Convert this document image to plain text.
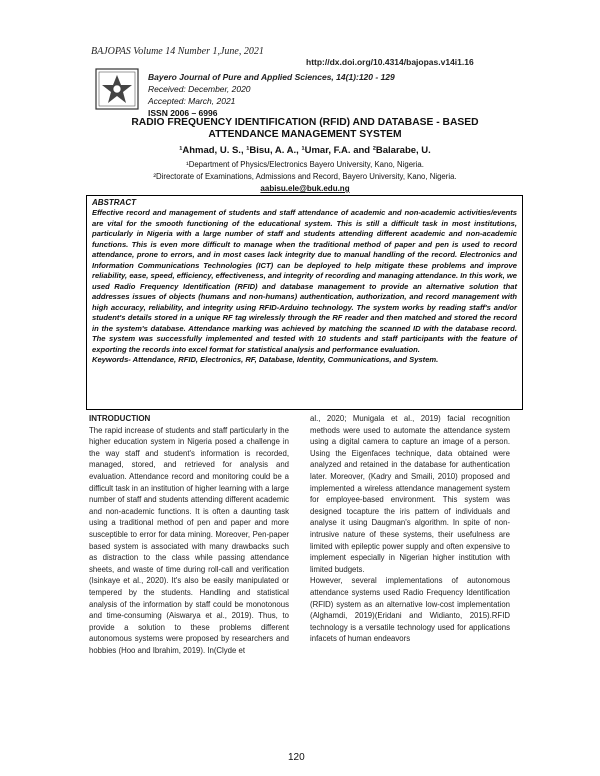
BAJOPAS Volume 14 Number 1,June, 2021
http://dx.doi.org/10.4314/bajopas.v14i1.16
Bayero Journal of Pure and Applied Sciences, 14(1):120 - 129
Received: December, 2020
Accepted: March, 2021
ISSN 2006 – 6996
RADIO FREQUENCY IDENTIFICATION (RFID) AND DATABASE - BASED
ATTENDANCE MANAGEMENT SYSTEM
¹Ahmad, U. S., ¹Bisu, A. A., ¹Umar, F.A. and ²Balarabe, U.
¹Department of Physics/Electronics Bayero University, Kano, Nigeria.
²Directorate of Examinations, Admissions and Record, Bayero University, Kano, Nigeria.
aabisu.ele@buk.edu.ng
ABSTRACT

Effective record and management of students and staff attendance of academic and non-academic activities/events are vital for the smooth functioning of the educational system. This is still a difficult task in most institutions, particularly in Nigeria with a large number of staff and students attending different academic and non-academic functions. This is even more difficult to manage when the traditional method of paper and pen is used to record attendance, prone to errors, and in most cases lack integrity due to manual handling of the record. Electronics and Information Communications Technologies (ICT) can be deployed to help mitigate these problems and improve reliability, ease, speed, efficiency, effectiveness, and integrity of recording and managing attendance. In this work, we used Radio Frequency Identification (RFID) and database management to provide an alternative solution that addresses issues of objects (humans and non-humans) authentication, authorization, and record management with high accuracy, reliability, and integrity using RFID-Arduino technology. The system works by reading staff's and/or student's details stored in a unique RF tag wirelessly through the RF reader and then matched and stored the record in the system's database. Attendance marking was achieved by matching the scanned ID with the database record. The system was successfully implemented and tested with 10 students and staff participants with the feature of exporting the records into excel format for statistical analysis and performance evaluation.

Keywords- Attendance, RFID, Electronics, RF, Database, Identity, Communications, and System.

INTRODUCTION

The rapid increase of students and staff particularly in the higher education system in Nigeria posed a challenge in the way staff and student's information is recorded, managed, stored, and retrieved for analysis and evaluation. Attendance record and monitoring could be a difficult task in an institution of higher learning with a large number of staff and students attending different academic and non-academic functions. It is often a daunting task using a traditional method of pen and paper and more susceptible to error for data mining. Moreover, Pen-paper based system is associated with many drawbacks such as distraction to the class while passing attendance sheets, and waste of time during roll-call and verification (Isinkaye et al., 2020). It's also be easily manipulated or tempered by the students. Handling and statistical analysis of the information by staff could be monotonous and time-consuming (Aiswarya et al., 2019). Thus, to provide a solution to these problems different autonomous systems were proposed by researchers and hobbies (Hoo and Ibrahim, 2019). In(Clyde et

al., 2020; Munigala et al., 2019) facial recognition methods were used to automate the attendance system using a digital camera to capture an image of a person. Using the Eigenfaces technique, data obtained were analyzed and retained in the database for authentication later. Moreover, (Kadry and Smaili, 2010) proposed and implemented a wireless attendance management system for employee-based environment. This system was designed tocapture the iris pattern of individuals and analyse it using Daugman's algorithm. In spite of non-intrusive nature of these systems, their usefulness are limited with epileptic power supply and often expensive to implement especially in Nigerian higher institution with limited budgets.

However, several implementations of autonomous attendance systems used Radio Frequency Identification (RFID) system as an alternative low-cost implementation (Alghamdi, 2019)(Eridani and Widianto, 2015).RFID technology is a versatile technology used for applications infacets of human endeavors

120
